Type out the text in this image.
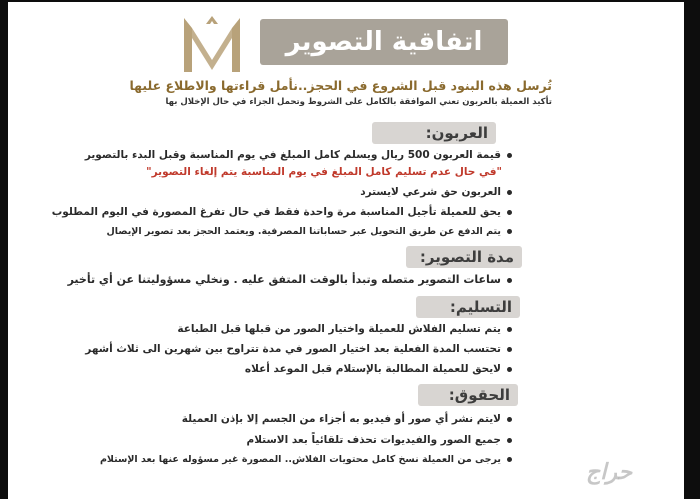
اتفاقية التصوير
تُرسل هذه البنود قبل الشروع في الحجز..نأمل قراءتها والاطلاع عليها
تأكيد العميلة بالعربون تعني الموافقة بالكامل على الشروط وتحمل الجزاء في حال الإخلال بها
العربون:
قيمة العربون 500 ريال ويسلم كامل المبلغ في يوم المناسبة وقبل البدء بالتصوير
"في حال عدم تسليم كامل المبلغ في يوم المناسبة يتم إلغاء التصوير"
العربون حق شرعي لايسترد
يحق للعميلة تأجيل المناسبة مرة واحدة فقط في حال تفرغ المصورة في اليوم المطلوب
يتم الدفع عن طريق التحويل عبر حساباتنا المصرفية. ويعتمد الحجز بعد تصوير الإيصال
مدة التصوير:
ساعات التصوير متصله وتبدأ بالوقت المتفق عليه . ونخلي مسؤوليتنا عن أي تأخير
التسليم:
يتم تسليم الفلاش للعميلة واختيار الصور من قبلها قبل الطباعة
تحتسب المدة الفعلية بعد اختيار الصور في مدة تتراوح بين شهرين الى ثلاث أشهر
لايحق للعميلة المطالبة بالإستلام قبل الموعد أعلاه
الحقوق:
لايتم نشر أي صور أو فيديو به أجزاء من الجسم إلا بإذن العميلة
جميع الصور والفيديوات تحذف تلقائياً بعد الاستلام
يرجى من العميلة نسخ كامل محتويات الفلاش.. المصورة غير مسؤوله عنها بعد الإستلام
حراج
